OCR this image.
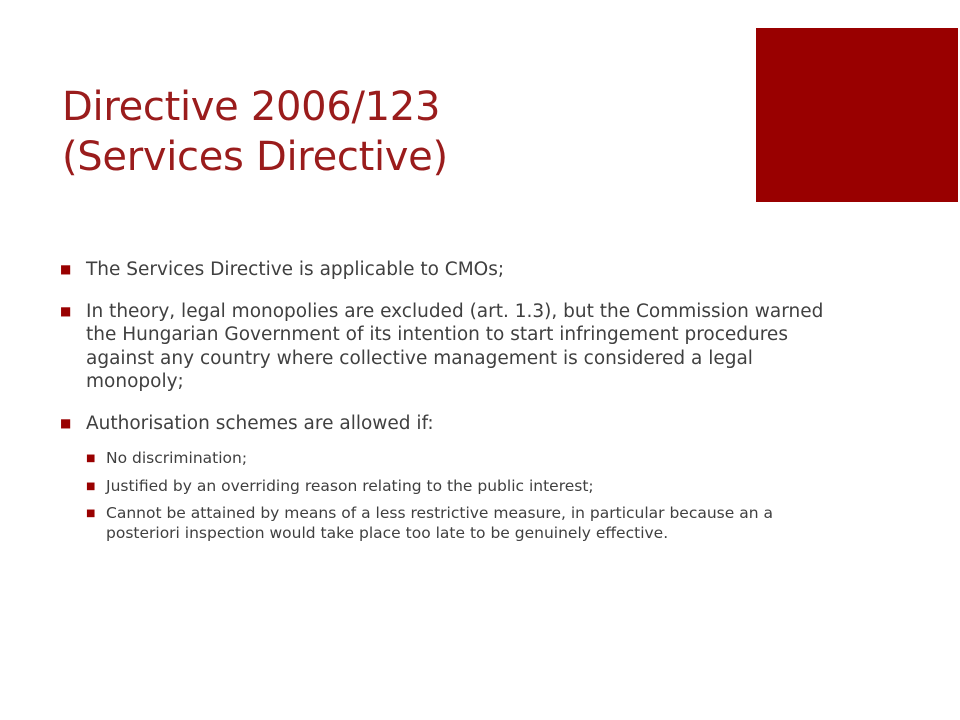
Directive 2006/123
(Services Directive)
■ The Services Directive is applicable to CMOs;
■ In theory, legal monopolies are excluded (art. 1.3), but the Commission warned the Hungarian Government of its intention to start infringement procedures against any country where collective management is considered a legal monopoly;
■ Authorisation schemes are allowed if:
■ No discrimination;
■ Justified by an overriding reason relating to the public interest;
■ Cannot be attained by means of a less restrictive measure, in particular because an a posteriori inspection would take place too late to be genuinely effective.
